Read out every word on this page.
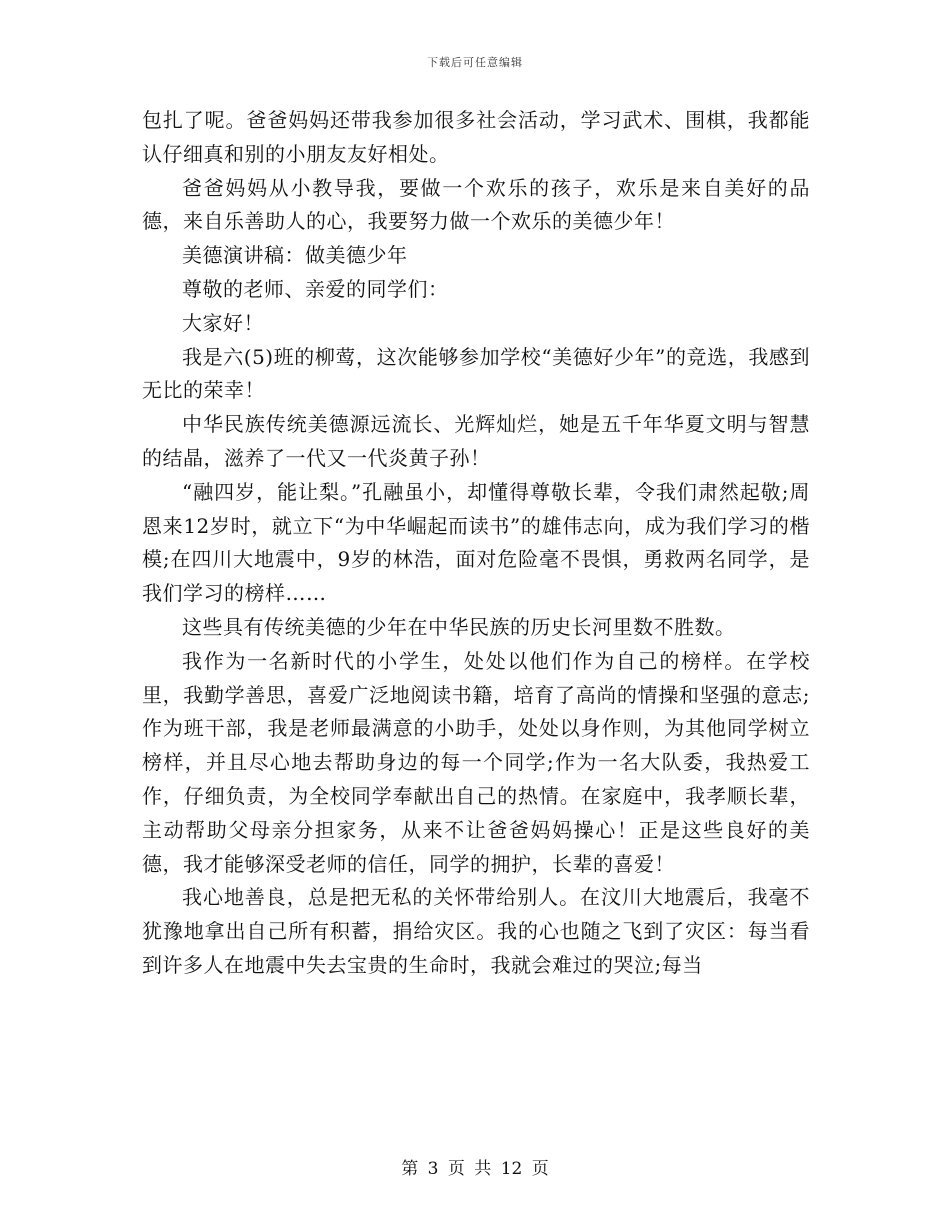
下载后可任意编辑

包扎了呢。爸爸妈妈还带我参加很多社会活动，学习武术、围棋，我都能认仔细真和别的小朋友友好相处。

爸爸妈妈从小教导我，要做一个欢乐的孩子，欢乐是来自美好的品德，来自乐善助人的心，我要努力做一个欢乐的美德少年！

美德演讲稿：做美德少年

尊敬的老师、亲爱的同学们：

大家好！

我是六(5)班的柳莺，这次能够参加学校“美德好少年”的竞选，我感到无比的荣幸！

中华民族传统美德源远流长、光辉灿烂，她是五千年华夏文明与智慧的结晶，滋养了一代又一代炎黄子孙！

“融四岁，能让梨。”孔融虽小，却懂得尊敬长辈，令我们肃然起敬;周恩来12岁时，就立下“为中华崛起而读书”的雄伟志向，成为我们学习的楷模;在四川大地震中，9岁的林浩，面对危险毫不畏惧，勇救两名同学，是我们学习的榜样……

这些具有传统美德的少年在中华民族的历史长河里数不胜数。

我作为一名新时代的小学生，处处以他们作为自己的榜样。在学校里，我勤学善思，喜爱广泛地阅读书籍，培育了高尚的情操和坚强的意志;作为班干部，我是老师最满意的小助手，处处以身作则，为其他同学树立榜样，并且尽心地去帮助身边的每一个同学;作为一名大队委，我热爱工作，仔细负责，为全校同学奉献出自己的热情。在家庭中，我孝顺长辈，主动帮助父母亲分担家务，从来不让爸爸妈妈操心！正是这些良好的美德，我才能够深受老师的信任，同学的拥护，长辈的喜爱！

我心地善良，总是把无私的关怀带给别人。在汶川大地震后，我毫不犹豫地拿出自己所有积蓄，捐给灾区。我的心也随之飞到了灾区：每当看到许多人在地震中失去宝贵的生命时，我就会难过的哭泣;每当

第 3 页 共 12 页
